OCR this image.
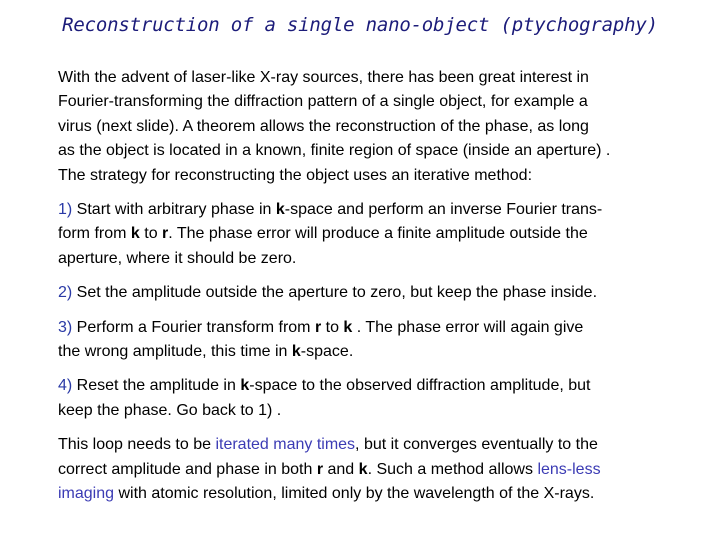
Reconstruction of a single nano-object (ptychography)

With the advent of laser-like X-ray sources, there has been great interest in
Fourier-transforming the diffraction pattern of a single object, for example a
virus (next slide). A theorem allows the reconstruction of the phase, as long
as the object is located in a known, finite region of space (inside an aperture) .
The strategy for reconstructing the object uses an iterative method:

1) Start with arbitrary phase in k-space and perform an inverse Fourier trans-
form from k to r. The phase error will produce a finite amplitude outside the
aperture, where it should be zero.

2) Set the amplitude outside the aperture to zero, but keep the phase inside.

3) Perform a Fourier transform from r to k . The phase error will again give
the wrong amplitude, this time in k-space.

4) Reset the amplitude in k-space to the observed diffraction amplitude, but
keep the phase. Go back to 1) .

This loop needs to be iterated many times, but it converges eventually to the
correct amplitude and phase in both r and k. Such a method allows lens-less
imaging with atomic resolution, limited only by the wavelength of the X-rays.
